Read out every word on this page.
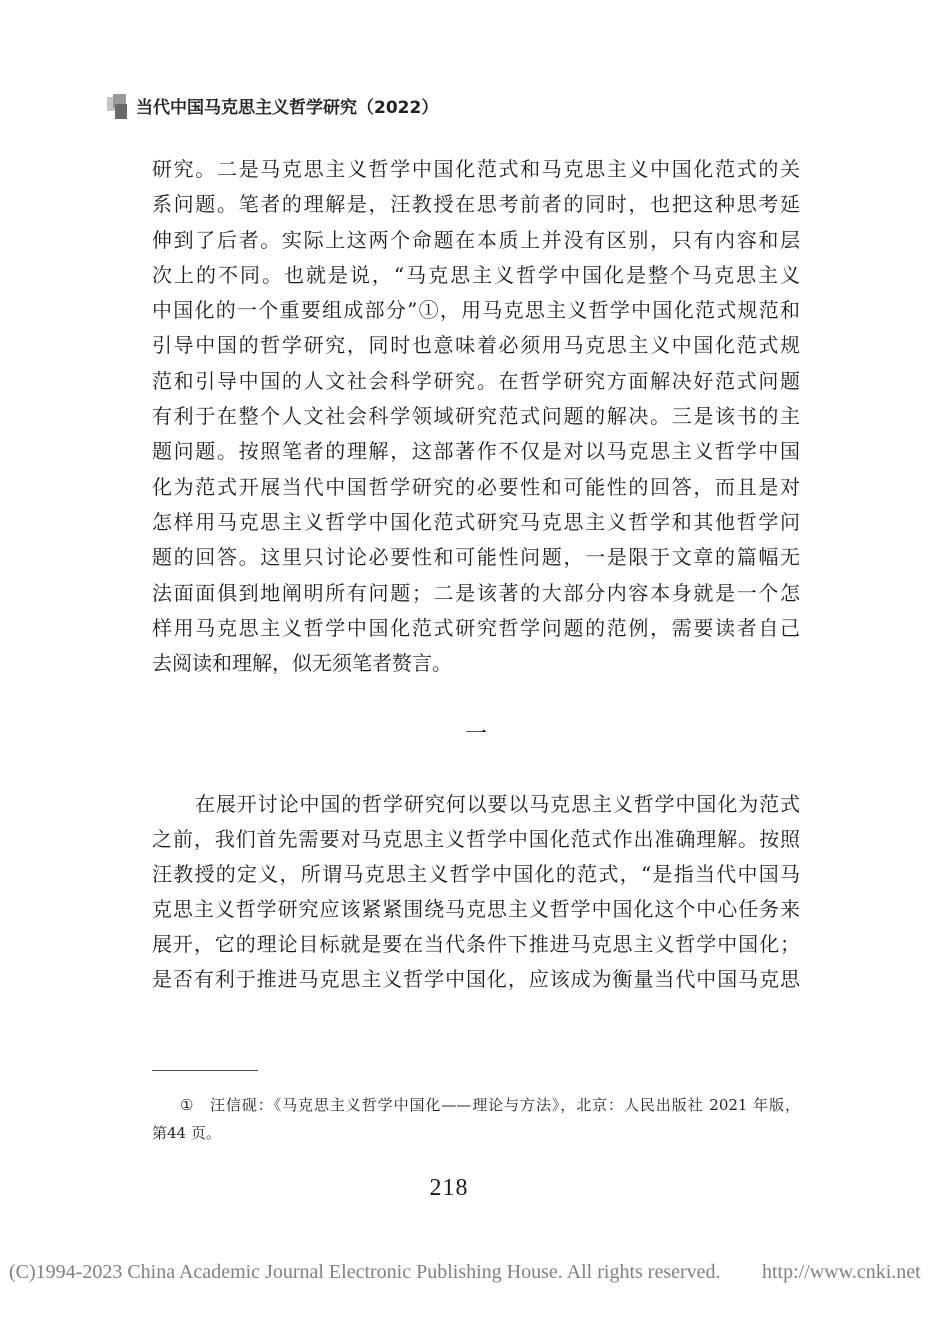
当代中国马克思主义哲学研究（2022）
研究。二是马克思主义哲学中国化范式和马克思主义中国化范式的关
系问题。笔者的理解是，汪教授在思考前者的同时，也把这种思考延
伸到了后者。实际上这两个命题在本质上并没有区别，只有内容和层
次上的不同。也就是说，“马克思主义哲学中国化是整个马克思主义
中国化的一个重要组成部分”①，用马克思主义哲学中国化范式规范和
引导中国的哲学研究，同时也意味着必须用马克思主义中国化范式规
范和引导中国的人文社会科学研究。在哲学研究方面解决好范式问题
有利于在整个人文社会科学领域研究范式问题的解决。三是该书的主
题问题。按照笔者的理解，这部著作不仅是对以马克思主义哲学中国
化为范式开展当代中国哲学研究的必要性和可能性的回答，而且是对
怎样用马克思主义哲学中国化范式研究马克思主义哲学和其他哲学问
题的回答。这里只讨论必要性和可能性问题，一是限于文章的篇幅无
法面面俱到地阐明所有问题；二是该著的大部分内容本身就是一个怎
样用马克思主义哲学中国化范式研究哲学问题的范例，需要读者自己
去阅读和理解，似无须笔者赘言。
一
在展开讨论中国的哲学研究何以要以马克思主义哲学中国化为范式
之前，我们首先需要对马克思主义哲学中国化范式作出准确理解。按照
汪教授的定义，所谓马克思主义哲学中国化的范式，“是指当代中国马
克思主义哲学研究应该紧紧围绕马克思主义哲学中国化这个中心任务来
展开，它的理论目标就是要在当代条件下推进马克思主义哲学中国化；
是否有利于推进马克思主义哲学中国化，应该成为衡量当代中国马克思
① 汪信砚：《马克思主义哲学中国化——理论与方法》，北京：人民出版社 2021 年版，
第44 页。
218
(C)1994-2023 China Academic Journal Electronic Publishing House. All rights reserved. http://www.cnki.net
